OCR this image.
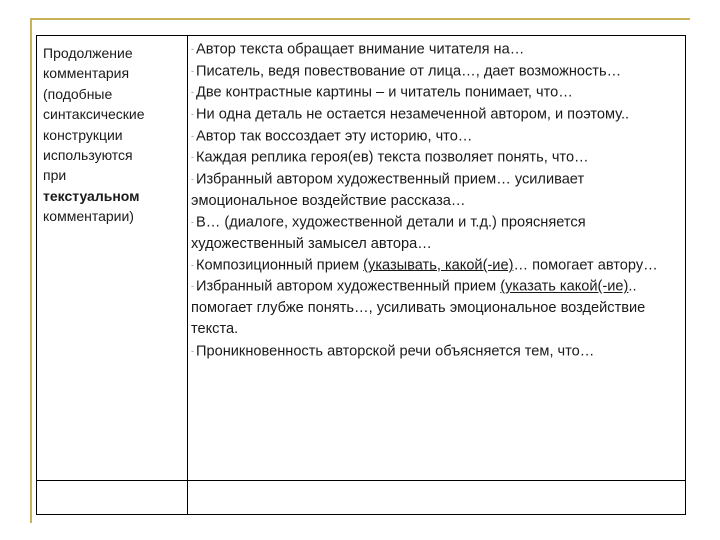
Продолжение
комментария
(подобные
синтаксические
конструкции
используются
при
текстуальном
комментарии)
- Автор текста обращает внимание читателя на…
- Писатель, ведя повествование от лица…, дает возможность…
- Две контрастные картины – и читатель понимает, что…
- Ни одна деталь не остается незамеченной автором, и поэтому..
- Автор так воссоздает эту историю, что…
- Каждая реплика героя(ев) текста позволяет понять, что…
- Избранный автором художественный прием… усиливает эмоциональное воздействие рассказа…
- В… (диалоге, художественной детали и т.д.) проясняется художественный замысел автора…
- Композиционный прием (указывать, какой(-ие)… помогает автору…
- Избранный автором художественный прием (указать какой(-ие).. помогает глубже понять…, усиливать эмоциональное воздействие текста.
- Проникновенность авторской речи объясняется тем, что…
